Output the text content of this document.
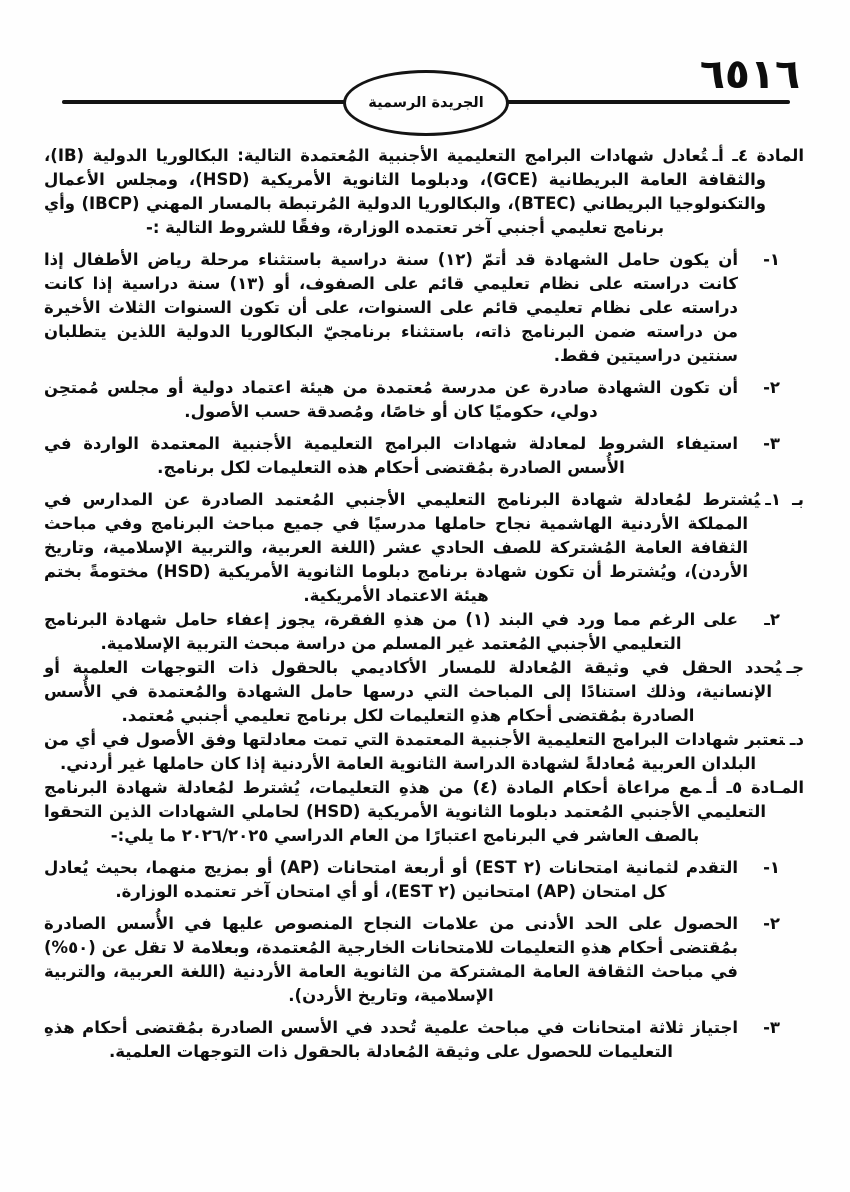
٦٥١٦
الجريدة الرسمية

المادة ٤ـ أـتُعادل شهادات البرامج التعليمية الأجنبية المُعتمدة التالية: البكالوريا الدولية (IB)، والثقافة العامة البريطانية (GCE)، ودبلوما الثانوية الأمريكية (HSD)، ومجلس الأعمال والتكنولوجيا البريطاني (BTEC)، والبكالوريا الدولية المُرتبطة بالمسار المهني (IBCP) وأي برنامج تعليمي أجنبي آخر تعتمده الوزارة، وفقًا للشروط التالية :-

١-

أن يكون حامل الشهادة قد أتمّ (١٢) سنة دراسية باستثناء مرحلة رياض الأطفال إذا كانت دراسته على نظام تعليمي قائم على الصفوف، أو (١٣) سنة دراسية إذا كانت دراسته على نظام تعليمي قائم على السنوات، على أن تكون السنوات الثلاث الأخيرة من دراسته ضمن البرنامج ذاته، باستثناء برنامجيّ البكالوريا الدولية اللذين يتطلبان سنتين دراسيتين فقط.

٢-

أن تكون الشهادة صادرة عن مدرسة مُعتمدة من هيئة اعتماد دولية أو مجلس مُمتحِن دولي، حكوميًا كان أو خاصًا، ومُصدقة حسب الأصول.

٣-

استيفاء الشروط لمعادلة شهادات البرامج التعليمية الأجنبية المعتمدة الواردة في الأُسس الصادرة بمُقتضى أحكام هذه التعليمات لكل برنامج.

بـ ١ـيُشترط لمُعادلة شهادة البرنامج التعليمي الأجنبي المُعتمد الصادرة عن المدارس في المملكة الأردنية الهاشمية نجاح حاملها مدرسيًا في جميع مباحث البرنامج وفي مباحث الثقافة العامة المُشتركة للصف الحادي عشر (اللغة العربية، والتربية الإسلامية، وتاريخ الأردن)، ويُشترط أن تكون شهادة برنامج دبلوما الثانوية الأمريكية (HSD) مختومةً بختم هيئة الاعتماد الأمريكية.

٢ـ

على الرغم مما ورد في البند (١) من هذهِ الفقرة، يجوز إعفاء حامل شهادة البرنامج التعليمي الأجنبي المُعتمد غير المسلم من دراسة مبحث التربية الإسلامية.

جـيُحدد الحقل في وثيقة المُعادلة للمسار الأكاديمي بالحقول ذات التوجهات العلمية أو الإنسانية، وذلك استنادًا إلى المباحث التي درسها حامل الشهادة والمُعتمدة في الأُسس الصادرة بمُقتضى أحكام هذهِ التعليمات لكل برنامج تعليمي أجنبي مُعتمد.

دـتعتبر شهادات البرامج التعليمية الأجنبية المعتمدة التي تمت معادلتها وفق الأصول في أي من البلدان العربية مُعادلةً لشهادة الدراسة الثانوية العامة الأردنية إذا كان حاملها غير أردني.

المـادة ٥ـ أـمع مراعاة أحكام المادة (٤) من هذهِ التعليمات، يُشترط لمُعادلة شهادة البرنامج التعليمي الأجنبي المُعتمد دبلوما الثانوية الأمريكية (HSD) لحاملي الشهادات الذين التحقوا بالصف العاشر في البرنامج اعتبارًا من العام الدراسي ٢٠٢٦/٢٠٢٥ ما يلي:-

١-

التقدم لثمانية امتحانات ‪(EST ٢)‬ أو أربعة امتحانات (AP) أو بمزيج منهما، بحيث يُعادل كل امتحان (AP) امتحانين ‪(EST ٢)‬، أو أي امتحان آخر تعتمده الوزارة.

٢-

الحصول على الحد الأدنى من علامات النجاح المنصوص عليها في الأُسس الصادرة بمُقتضى أحكام هذهِ التعليمات للامتحانات الخارجية المُعتمدة، وبعلامة لا تقل عن (٥٠%) في مباحث الثقافة العامة المشتركة من الثانوية العامة الأردنية (اللغة العربية، والتربية الإسلامية، وتاريخ الأردن).

٣-

اجتياز ثلاثة امتحانات في مباحث علمية تُحدد في الأسس الصادرة بمُقتضى أحكام هذهِ التعليمات للحصول على وثيقة المُعادلة بالحقول ذات التوجهات العلمية.
